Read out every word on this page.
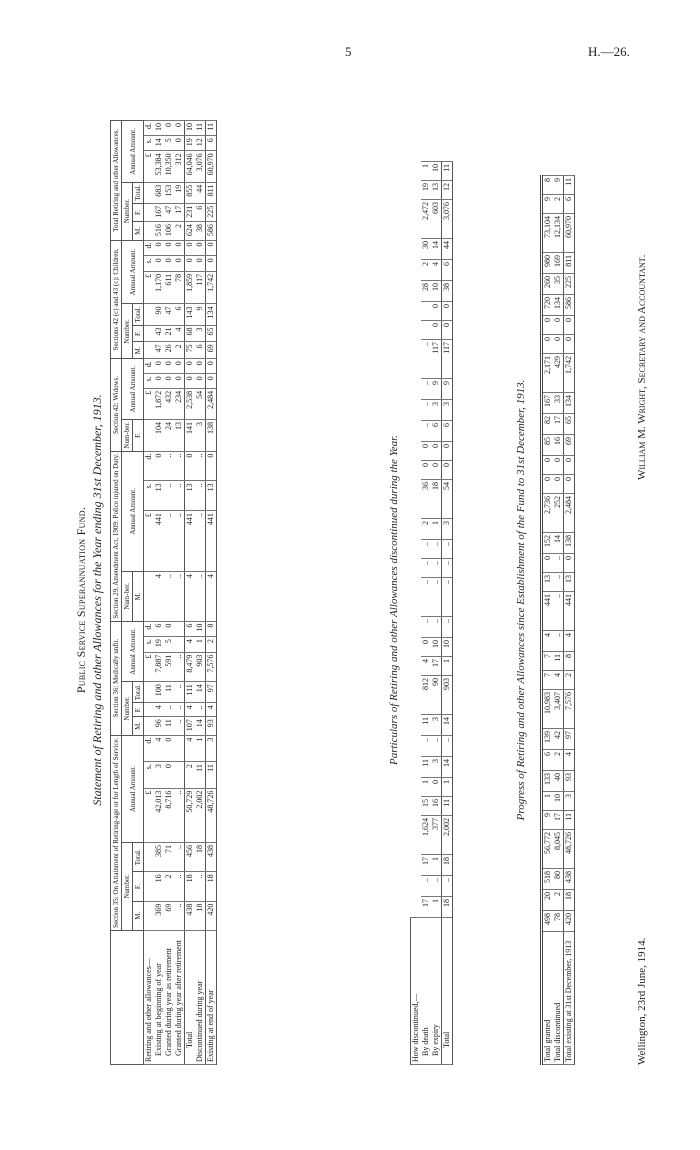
5	H.—26.
Public Service Superannuation Fund. Statement of Retiring and other Allowances for the Year ending 31st December, 1913.
	Section 35: On Attainment of Retiring-age or for Length of Service.						Section 36: Medically unfit.						Section 29, Amendment Act, 1909: Police injured on Duty.				Section 42: Widows.				Sections 42 (c) and 43 (c): Children.						Total Retiring and other Allowances.					
	Number.			Annual Amount.			Number.			Annual Amount.			Num-ber.	Annual Amount.			Num-ber.	Annual Amount.			Number.			Annual Amount.			Number.			Annual Amount.		
	M.	F.	Total.				M.	F.	Total.				M.				F.				M.	F.	Total.				M.	F.	Total.			
Retiring and other allowances—				£	s.	d.				£	s.	d.		£	s.	d.		£	s.	d.				£	s.	d.				£	s.	d.
Existing at beginning of year	369	16	385	42,013	3	4	96	4	100	7,887	19	6	4	441	13	0	104	1,872	0	0	47	43	90	1,170	0	0	516	167	683	53,384	14	10
Granted during year as retirement	69	2	71	8,716	0	0	11	..	11	591	5	0	..	..	..	..	24	432	0	0	26	21	47	611	0	0	106	47	153	10,350	5	0
Granted during year after retirement	..	..	..	..			..	..	..	..			..	..	..	..	13	234	0	0	2	4	6	78	0	0	2	17	19	312	0	0
Total	438	18	456	50,729	2	4	107	4	111	8,479	4	6	4	441	13	0	141	2,538	0	0	75	68	143	1,859	0	0	624	231	855	64,046	19	10
Discontinued during year	18	..	18	2,002	11	1	14	..	14	903	1	10	..	..	..	..	3	54	0	0	6	3	9	117	0	0	38	6	44	3,076	12	11
Existing at end of year	420	18	438	48,726	11	3	93	4	97	7,576	2	8	4	441	13	0	138	2,484	0	0	69	65	134	1,742	0	0	586	225	811	60,970	6	11
Particulars of Retiring and other Allowances discontinued during the Year.
How discontinued,—																																
By death	17	..	17	1,624	15	1	11	..	11	812	4	0	..	..	..	..	2	36	0	0	..	..	..	..			28	2	30	2,472	19	1
By expiry	1	..	1	377	16	0	3	..	3	90	17	10	..	..	..	..	1	18	0	0	6	3	9	117	0	0	10	4	14	603	13	10
Total	18	..	18	2,002	11	1	14	..	14	903	1	10	..	..	..	..	3	54	0	0	6	3	9	117	0	0	38	6	44	3,076	12	11
Progress of Retiring and other Allowances since Establishment of the Fund to 31st December, 1913.
Total granted	498	20	518	56,772	9	1	133	6	139	10,983	7	7	4	441	13	0	152	2,736	0	0	85	82	167	2,171	0	0	720	260	980	73,104	9	8
Total discontinued	78	2	80	8,045	17	10	40	2	42	3,407	4	11	..	..	..	..	14	252	0	0	16	17	33	429	0	0	134	35	169	12,134	2	9
Total existing at 31st December, 1913	420	18	438	48,726	11	3	93	4	97	7,576	2	8	4	441	13	0	138	2,484	0	0	69	65	134	1,742	0	0	586	225	811	60,970	6	11
Wellington, 23rd June, 1914.
William M. Wright, Secretary and Accountant.
